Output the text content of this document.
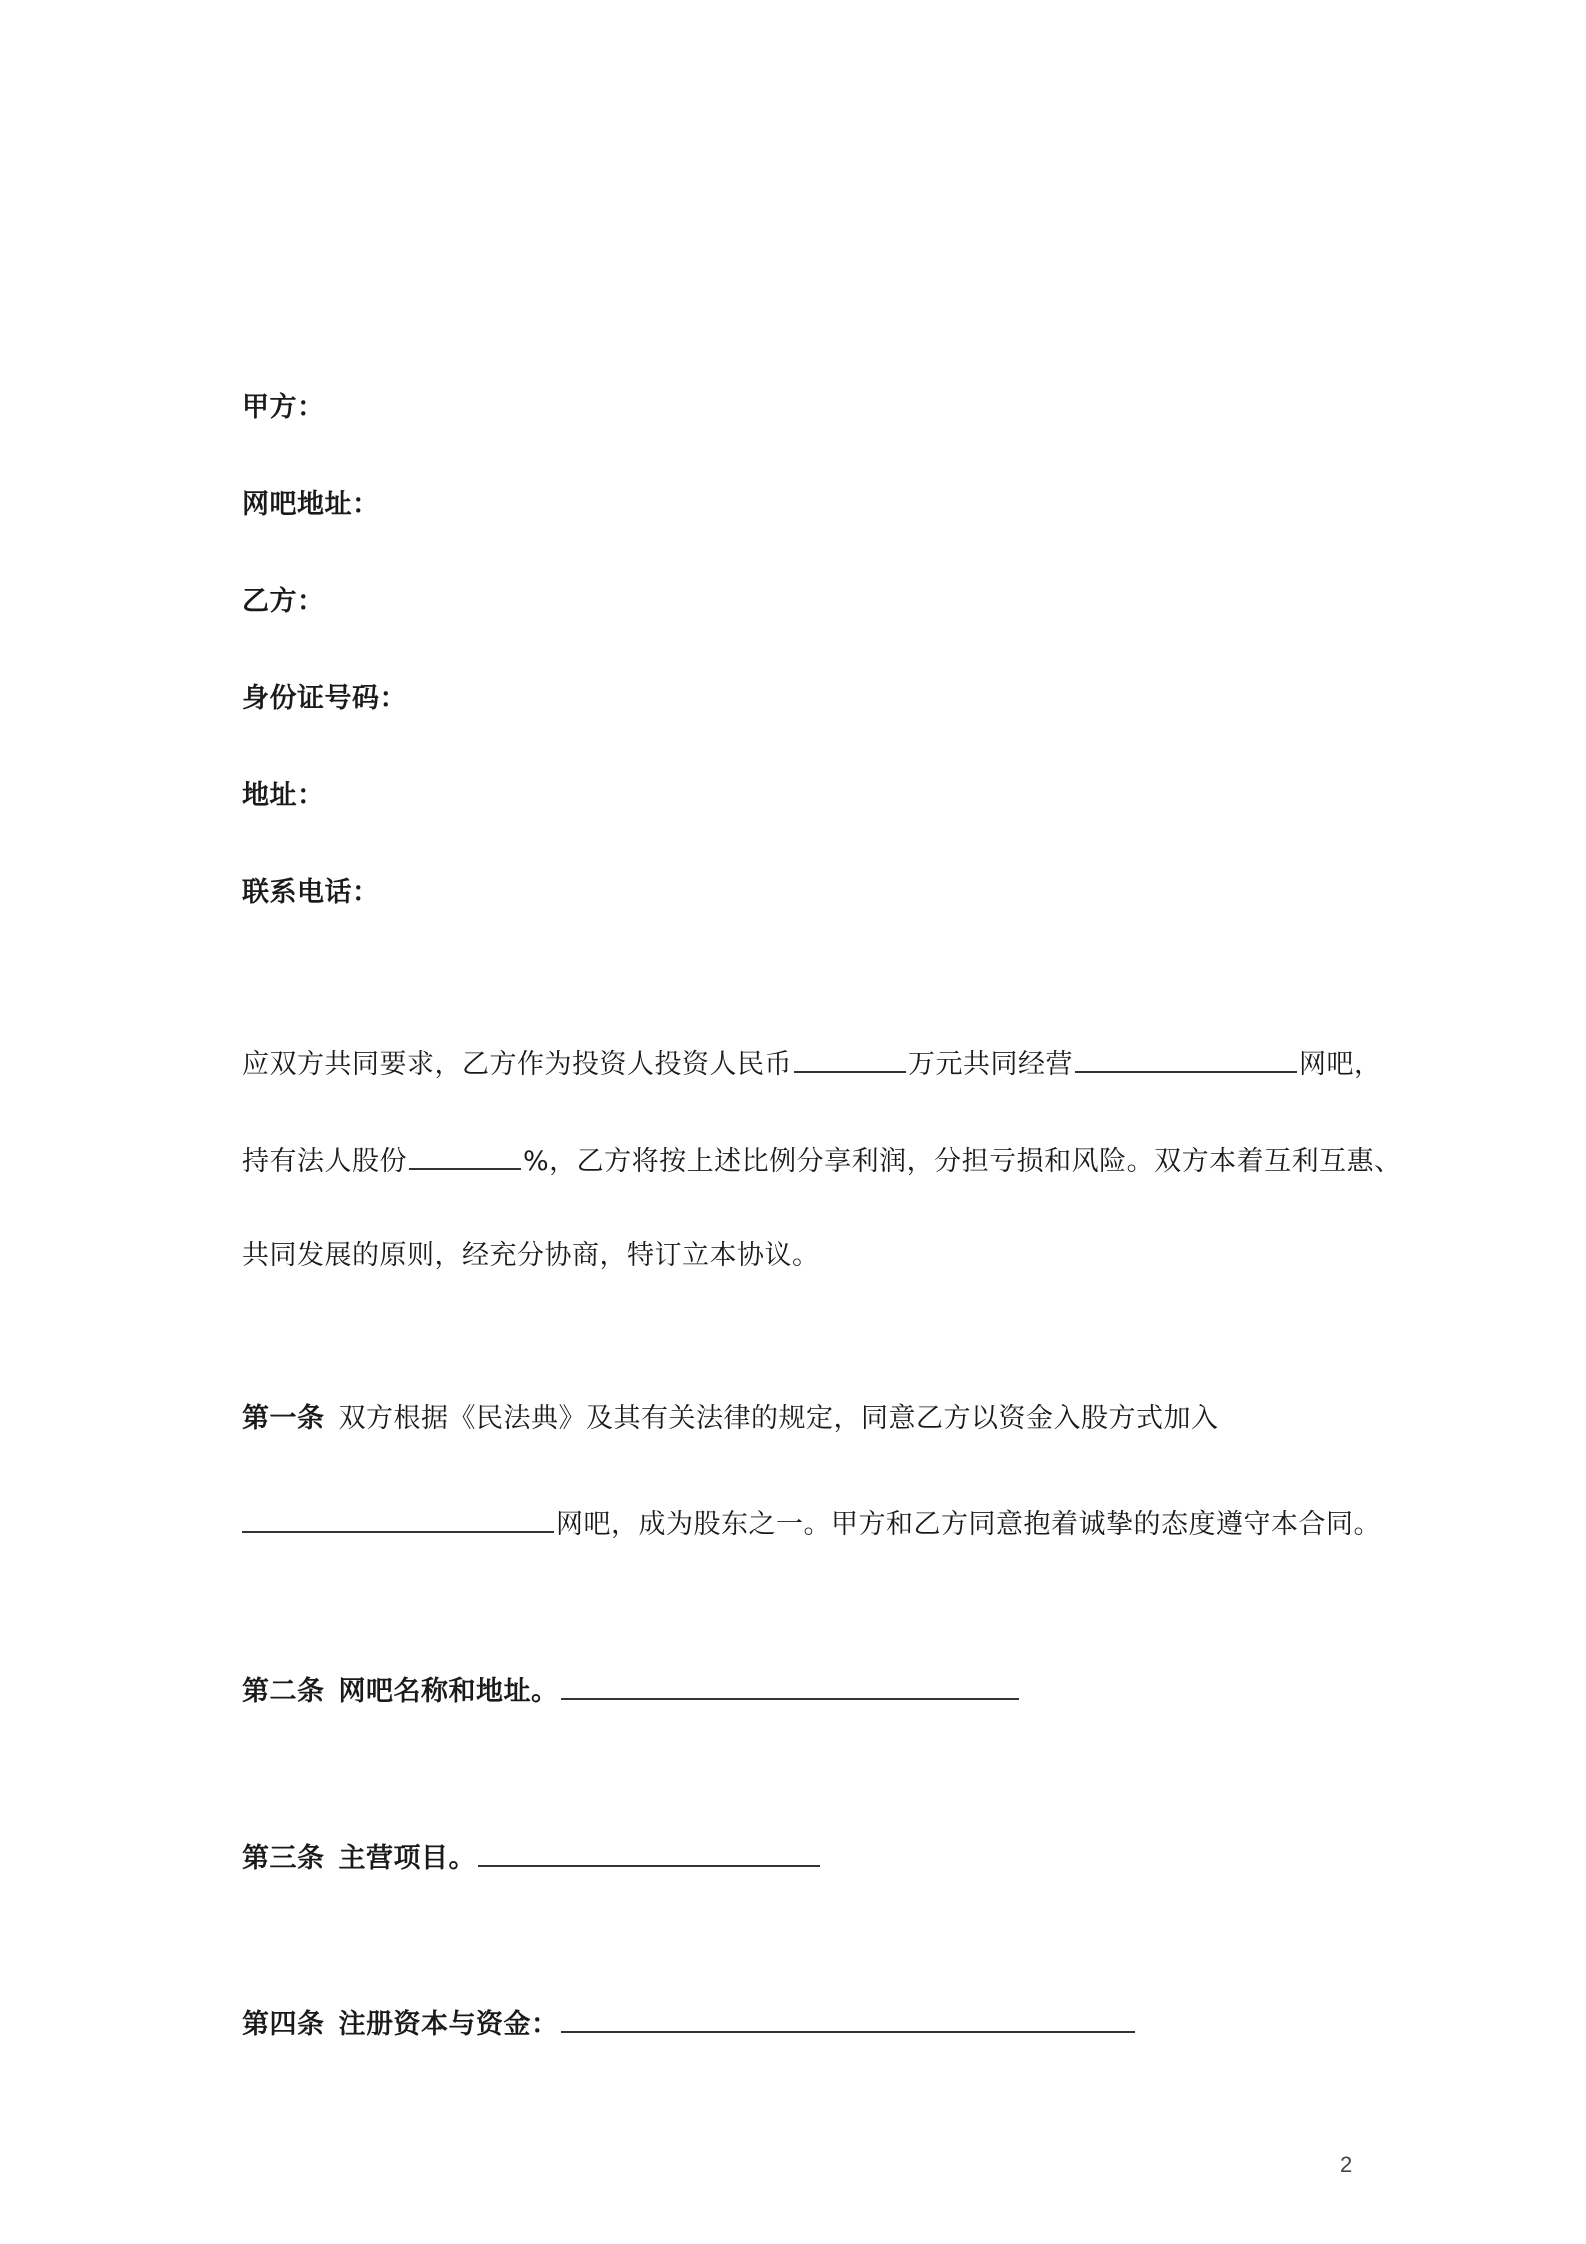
甲方：
网吧地址：
乙方：
身份证号码：
地址：
联系电话：
应双方共同要求，乙方作为投资人投资人民币	万元共同经营	网吧，
持有法人股份	%，乙方将按上述比例分享利润，分担亏损和风险。双方本着互利互惠、
共同发展的原则，经充分协商，特订立本协议。
第一条 双方根据《民法典》及其有关法律的规定，同意乙方以资金入股方式加入
网吧，成为股东之一。甲方和乙方同意抱着诚挚的态度遵守本合同。
第二条 网吧名称和地址。
第三条 主营项目。
第四条 注册资本与资金：
2
